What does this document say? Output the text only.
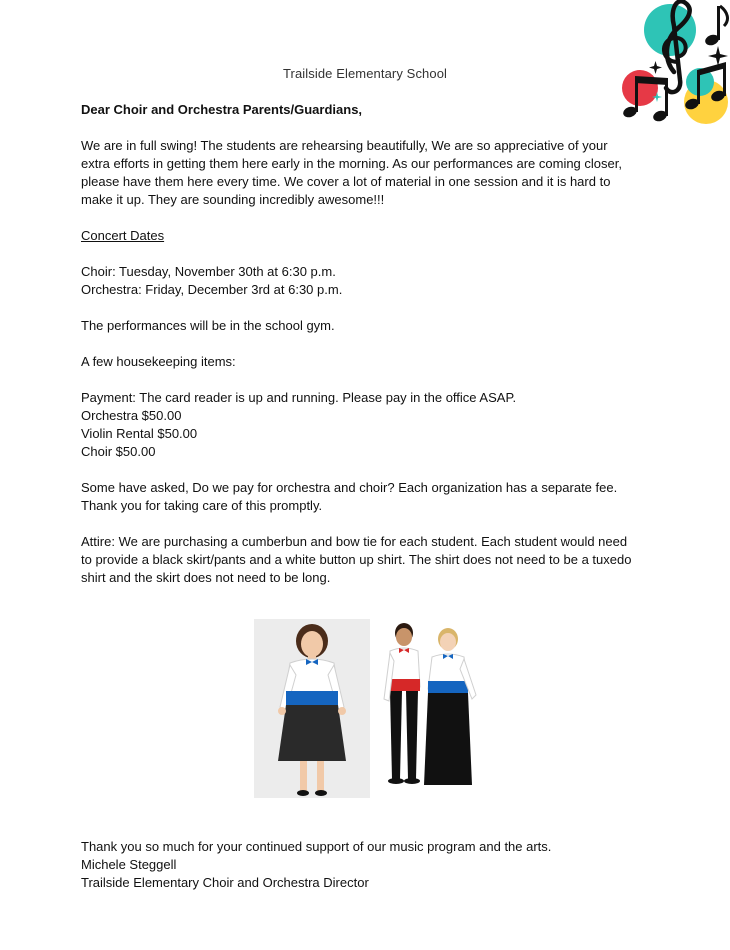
Trailside Elementary School

Dear Choir and Orchestra Parents/Guardians,

We are in full swing! The students are rehearsing beautifully, We are so appreciative of your
extra efforts in getting them here early in the morning. As our performances are coming closer,
please have them here every time. We cover a lot of material in one session and it is hard to
make it up. They are sounding incredibly awesome!!!

Concert Dates

Choir: Tuesday, November 30th at 6:30 p.m.
Orchestra: Friday, December 3rd at 6:30 p.m.
The performances will be in the school gym.
A few housekeeping items:
Payment: The card reader is up and running. Please pay in the office ASAP.
Orchestra $50.00
Violin Rental $50.00
Choir $50.00
Some have asked, Do we pay for orchestra and choir? Each organization has a separate fee.
Thank you for taking care of this promptly.
Attire: We are purchasing a cumberbun and bow tie for each student. Each student would need
to provide a black skirt/pants and a white button up shirt. The shirt does not need to be a tuxedo
shirt and the skirt does not need to be long.
Thank you so much for your continued support of our music program and the arts.
Michele Steggell
Trailside Elementary Choir and Orchestra Director
